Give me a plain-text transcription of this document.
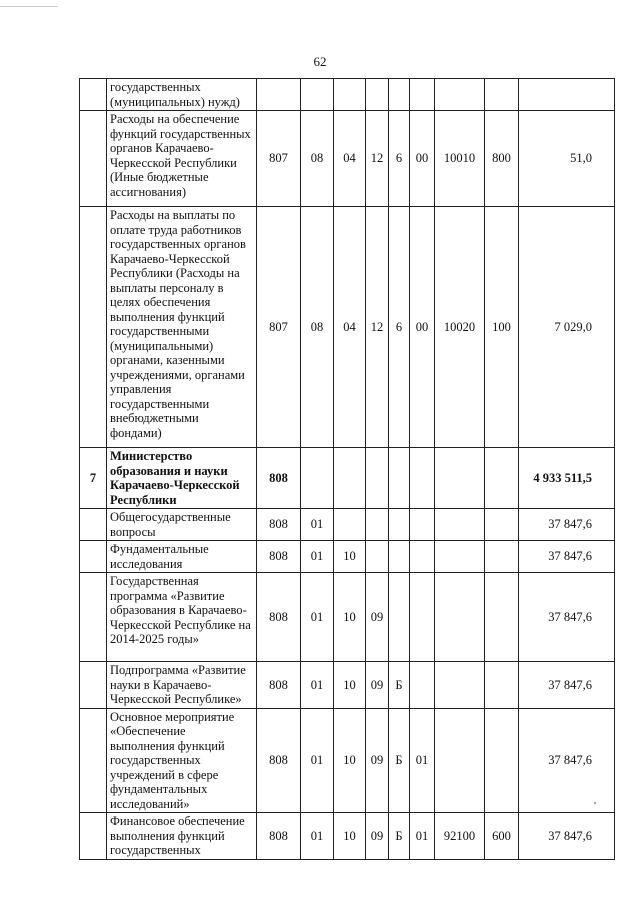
62
	государственных (муниципальных) нужд)									
	Расходы на обеспечение функций государственных органов Карачаево-Черкесской Республики (Иные бюджетные ассигнования)	807	08	04	12	6	00	10010	800	51,0
	Расходы на выплаты по оплате труда работников государственных органов Карачаево-Черкесской Республики (Расходы на выплаты персоналу в целях обеспечения выполнения функций государственными (муниципальными) органами, казенными учреждениями, органами управления государственными внебюджетными фондами)	807	08	04	12	6	00	10020	100	7 029,0
7	Министерство образования и науки Карачаево-Черкесской Республики	808								4 933 511,5
	Общегосударственные вопросы	808	01							37 847,6
	Фундаментальные исследования	808	01	10						37 847,6
	Государственная программа «Развитие образования в Карачаево-Черкесской Республике на 2014-2025 годы»	808	01	10	09					37 847,6
	Подпрограмма «Развитие науки в Карачаево-Черкесской Республике»	808	01	10	09	Б				37 847,6
	Основное мероприятие «Обеспечение выполнения функций государственных учреждений в сфере фундаментальных исследований»	808	01	10	09	Б	01			37 847,6
	Финансовое обеспечение выполнения функций государственных	808	01	10	09	Б	01	92100	600	37 847,6
